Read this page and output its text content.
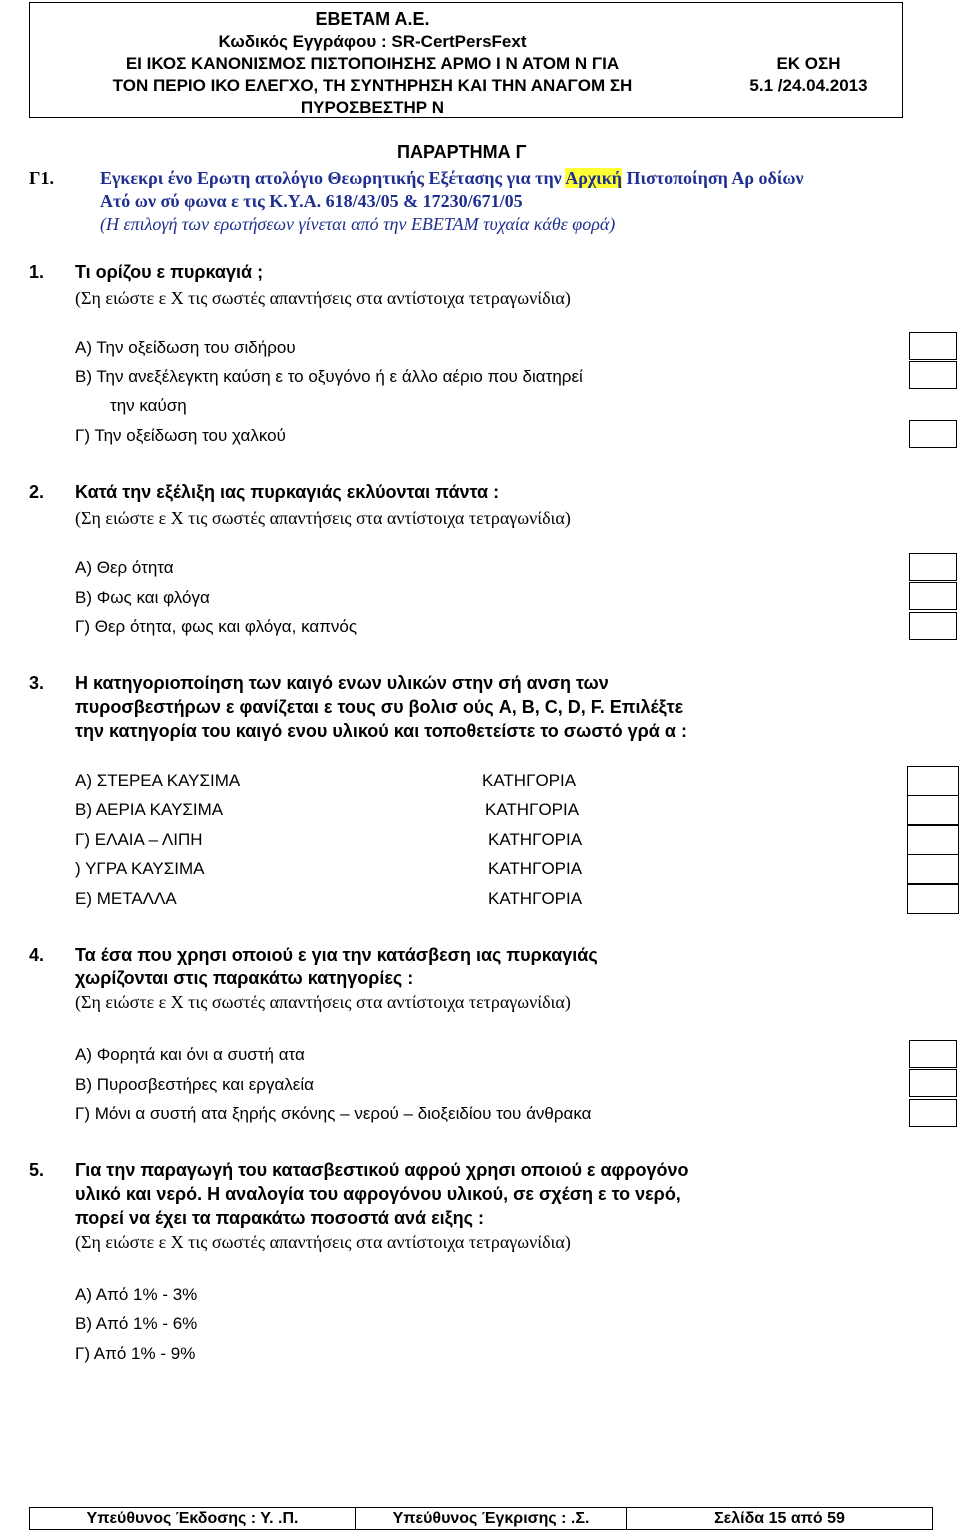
ΕΒΕΤΑΜ Α.Ε.
Κωδικός Εγγράφου : SR-CertPersFext
ΕΙ ΙΚΟΣ ΚΑΝΟΝΙΣΜΟΣ ΠΙΣΤΟΠΟΙΗΣΗΣ ΑΡΜΟ Ι Ν ΑΤΟΜ Ν ΓΙΑ
ΤΟΝ ΠΕΡΙΟ ΙΚΟ ΕΛΕΓΧΟ, ΤΗ ΣΥΝΤΗΡΗΣΗ ΚΑΙ ΤΗΝ ΑΝΑΓΟΜ ΣΗ
ΠΥΡΟΣΒΕΣΤΗΡ Ν
ΕΚ ΟΣΗ
5.1 /24.04.2013
ΠΑΡΑΡΤΗΜΑ Γ
Γ1.	Εγκεκρι ένο Ερωτη ατολόγιο Θεωρητικής Εξέτασης για την Αρχική Πιστοποίηση Αρ οδίων
Ατό ων σύ φωνα ε τις Κ.Υ.Α. 618/43/05 & 17230/671/05
(Η επιλογή των ερωτήσεων γίνεται από την ΕΒΕΤΑΜ τυχαία κάθε φορά)
1. Τι ορίζου ε πυρκαγιά ;
(Ση ειώστε ε Χ τις σωστές απαντήσεις στα αντίστοιχα τετραγωνίδια)
Α) Την οξείδωση του σιδήρου
Β) Την ανεξέλεγκτη καύση ε το οξυγόνο ή ε άλλο αέριο που διατηρεί
την καύση
Γ) Την οξείδωση του χαλκού
2. Κατά την εξέλιξη ιας πυρκαγιάς εκλύονται πάντα :
(Ση ειώστε ε Χ τις σωστές απαντήσεις στα αντίστοιχα τετραγωνίδια)
Α) Θερ ότητα
Β) Φως και φλόγα
Γ) Θερ ότητα, φως και φλόγα, καπνός
3. Η κατηγοριοποίηση των καιγό ενων υλικών στην σή ανση των
πυροσβεστήρων ε φανίζεται ε τους συ βολισ ούς A, B, C, D, F. Επιλέξτε
την κατηγορία του καιγό ενου υλικού και τοποθετείστε το σωστό γρά α :
Α) ΣΤΕΡΕΑ ΚΑΥΣΙΜΑ	ΚΑΤΗΓΟΡΙΑ
Β) ΑΕΡΙΑ ΚΑΥΣΙΜΑ	ΚΑΤΗΓΟΡΙΑ
Γ) ΕΛΑΙΑ – ΛΙΠΗ	ΚΑΤΗΓΟΡΙΑ
) ΥΓΡΑ ΚΑΥΣΙΜΑ	ΚΑΤΗΓΟΡΙΑ
Ε) ΜΕΤΑΛΛΑ	ΚΑΤΗΓΟΡΙΑ
4. Τα έσα που χρησι οποιού ε για την κατάσβεση ιας πυρκαγιάς
χωρίζονται στις παρακάτω κατηγορίες :
(Ση ειώστε ε Χ τις σωστές απαντήσεις στα αντίστοιχα τετραγωνίδια)
Α) Φορητά και όνι α συστή ατα
Β) Πυροσβεστήρες και εργαλεία
Γ) Μόνι α συστή ατα ξηρής σκόνης – νερού – διοξειδίου του άνθρακα
5. Για την παραγωγή του κατασβεστικού αφρού χρησι οποιού ε αφρογόνο
υλικό και νερό. Η αναλογία του αφρογόνου υλικού, σε σχέση ε το νερό,
πορεί να έχει τα παρακάτω ποσοστά ανά ειξης :
(Ση ειώστε ε Χ τις σωστές απαντήσεις στα αντίστοιχα τετραγωνίδια)
Α) Από 1% - 3%
Β) Από 1% - 6%
Γ) Από 1% - 9%
Υπεύθυνος Έκδοσης : Υ. .Π.	Υπεύθυνος Έγκρισης : .Σ.	Σελίδα 15 από 59
